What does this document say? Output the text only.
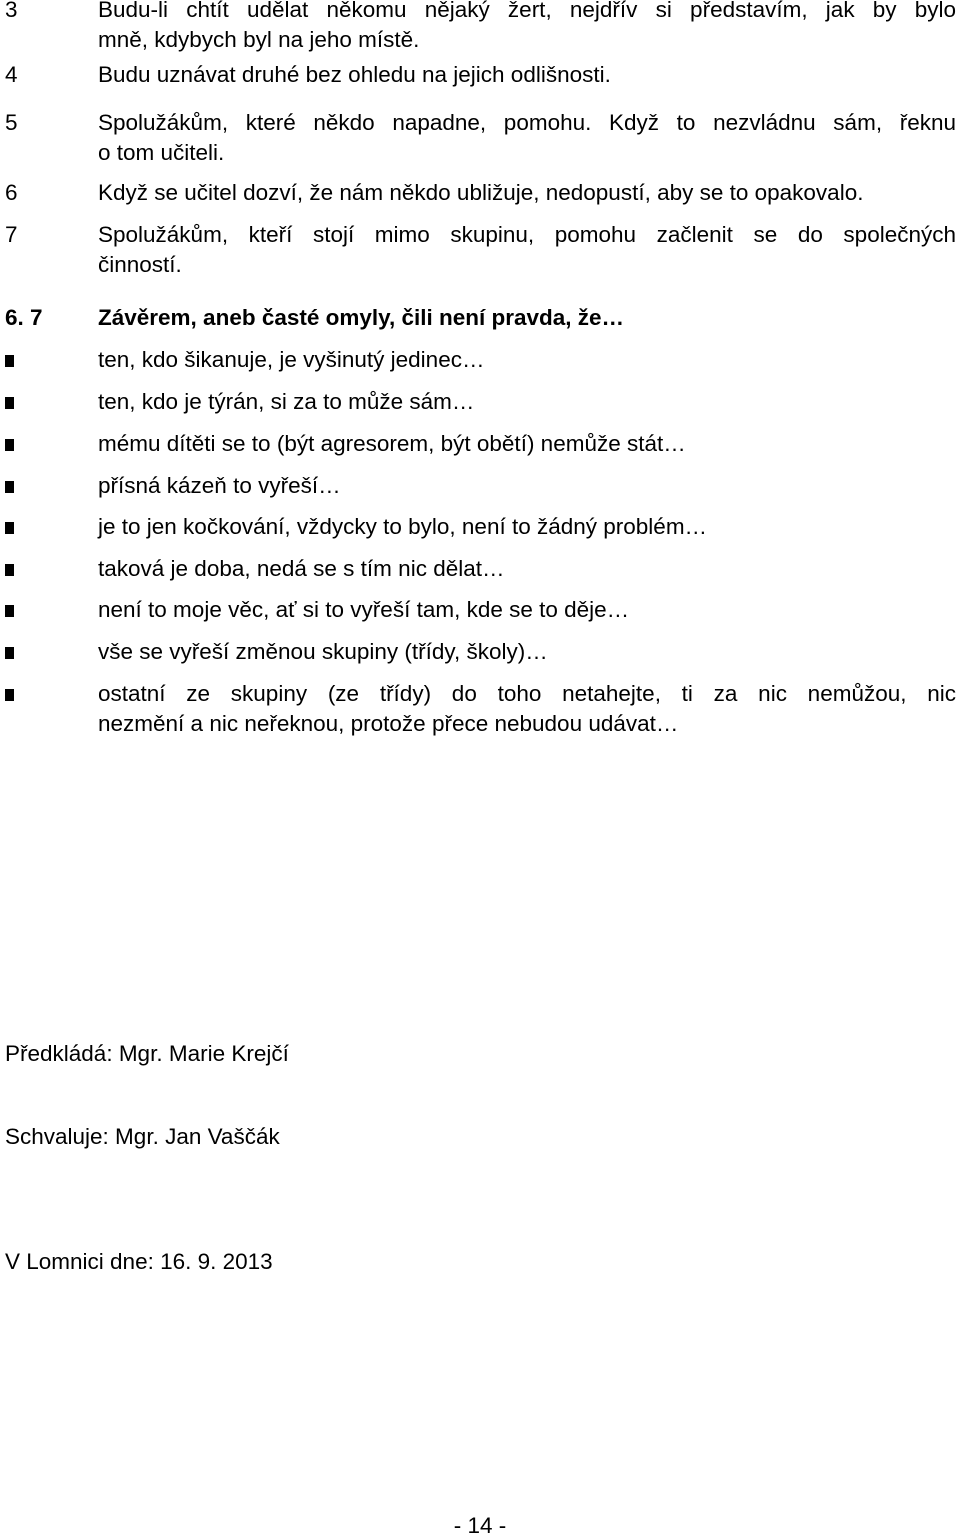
3	Budu-li chtít udělat někomu nějaký žert, nejdřív si představím, jak by bylo
mně, kdybych byl na jeho místě.
4	Budu uznávat druhé bez ohledu na jejich odlišnosti.
5	Spolužákům, které někdo napadne, pomohu. Když to nezvládnu sám, řeknu
o tom učiteli.
6	Když se učitel dozví, že nám někdo ubližuje, nedopustí, aby se to opakovalo.
7	Spolužákům, kteří stojí mimo skupinu, pomohu začlenit se do společných
činností.
6. 7 Závěrem, aneb časté omyly, čili není pravda, že…
ten, kdo šikanuje, je vyšinutý jedinec…
ten, kdo je týrán, si za to může sám…
mému dítěti se to (být agresorem, být obětí) nemůže stát…
přísná kázeň to vyřeší…
je to jen kočkování, vždycky to bylo, není to žádný problém…
taková je doba, nedá se s tím nic dělat…
není to moje věc, ať si to vyřeší tam, kde se to děje…
vše se vyřeší změnou skupiny (třídy, školy)…
ostatní ze skupiny (ze třídy) do toho netahejte, ti za nic nemůžou, nic
nezmění a nic neřeknou, protože přece nebudou udávat…
Předkládá: Mgr. Marie Krejčí
Schvaluje: Mgr. Jan Vaščák
V Lomnici dne: 16. 9. 2013
- 14 -
